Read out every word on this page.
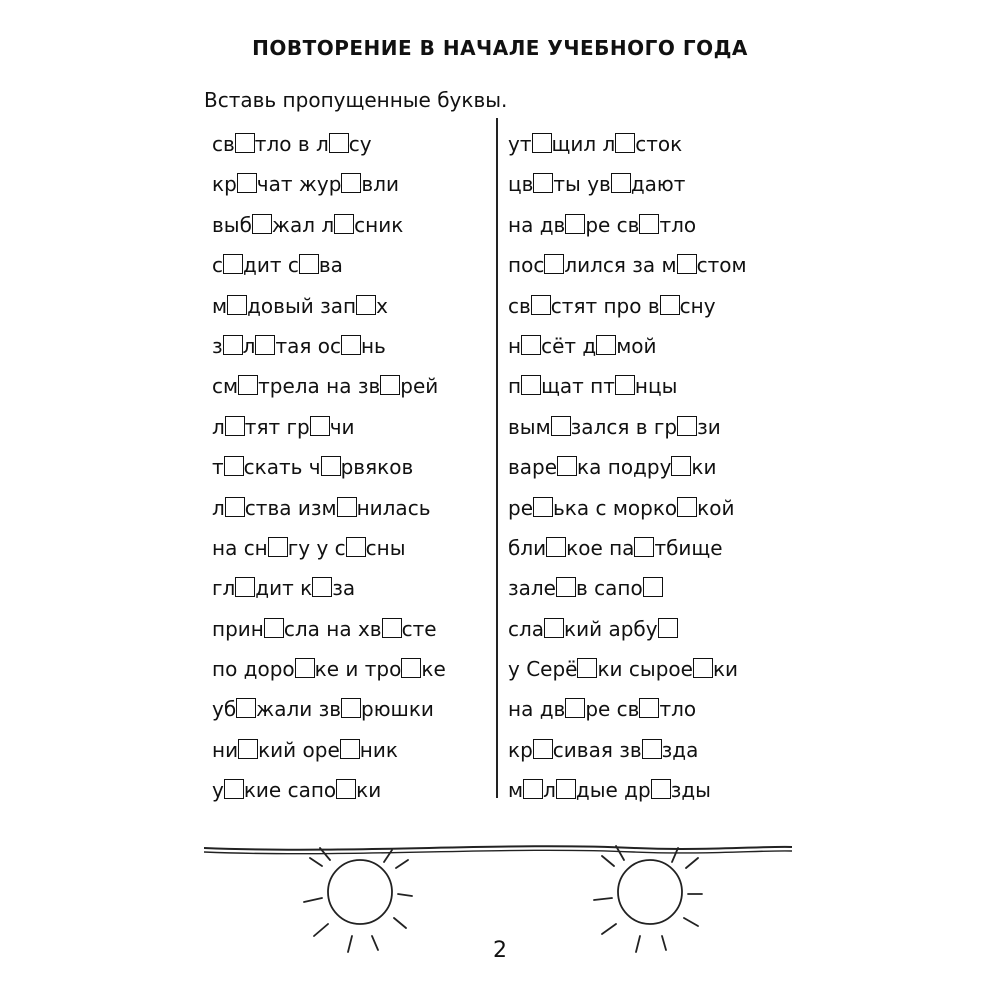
ПОВТОРЕНИЕ В НАЧАЛЕ УЧЕБНОГО ГОДА
Вставь пропущенные буквы.
св тло в л су
кр чат жур вли
выб жал л сник
с дит с ва
м довый зап х
з л тая ос нь
см трела на зв рей
л тят гр чи
т скать ч рвяков
л ства изм нилась
на сн гу у с сны
гл дит к за
прин сла на хв сте
по доро ке и тро ке
уб жали зв рюшки
ни кий оре ник
у кие сапо ки
ут щил л сток
цв ты ув дают
на дв ре св тло
пос лился за м стом
св стят про в сну
н сёт д мой
п щат пт нцы
вым зался в гр зи
варе ка подру ки
ре ька с морко кой
бли кое па тбище
зале в сапо
сла кий арбу
у Серё ки сырое ки
на дв ре св тло
кр сивая зв зда
м л дые др зды
2
